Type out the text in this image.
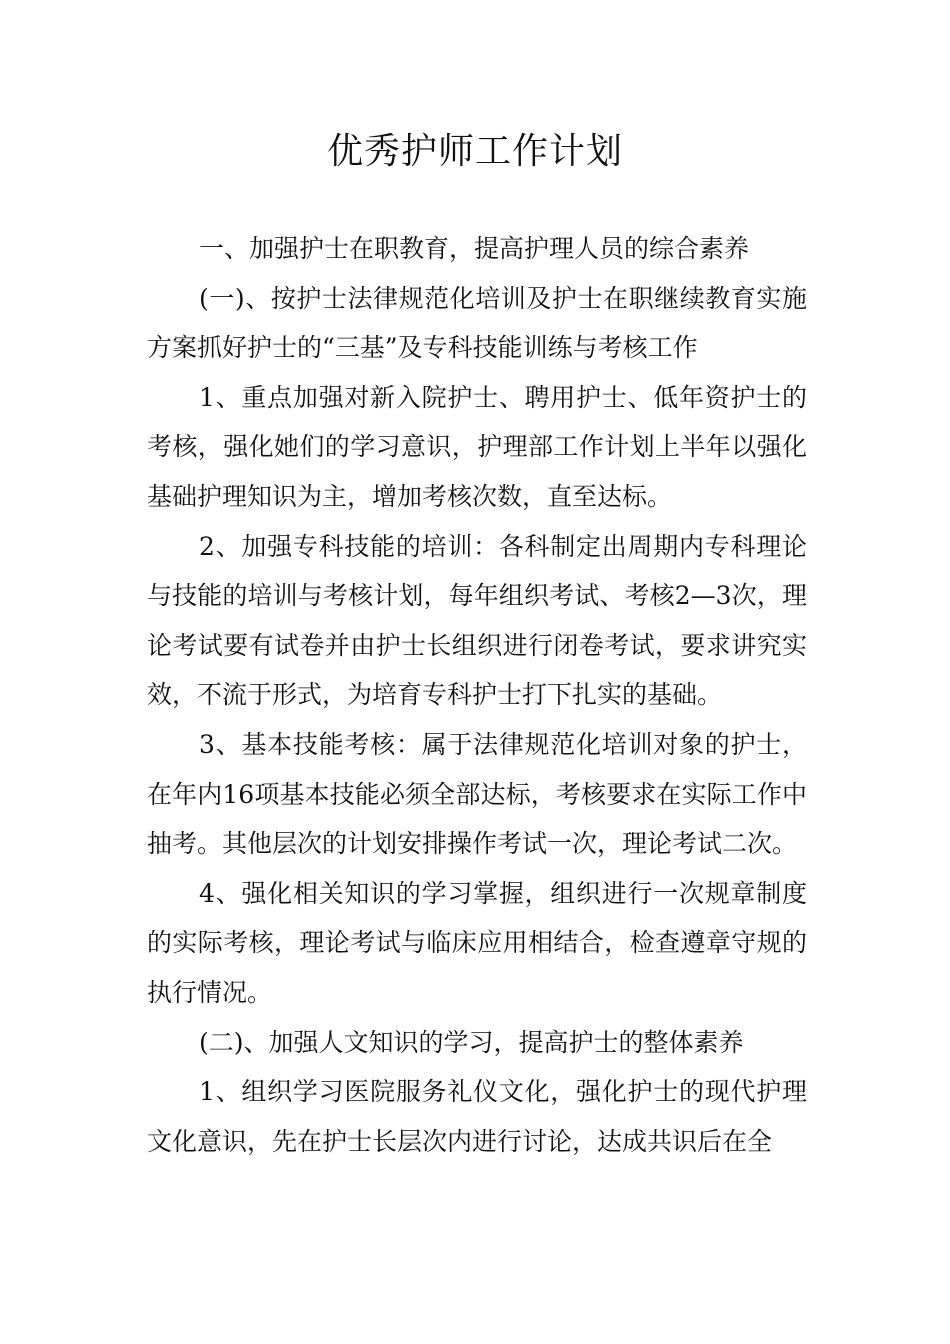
优秀护师工作计划

一、加强护士在职教育，提高护理人员的综合素养

(一)、按护士法律规范化培训及护士在职继续教育实施方案抓好护士的“三基”及专科技能训练与考核工作

1、重点加强对新入院护士、聘用护士、低年资护士的考核，强化她们的学习意识，护理部工作计划上半年以强化基础护理知识为主，增加考核次数，直至达标。

2、加强专科技能的培训：各科制定出周期内专科理论与技能的培训与考核计划，每年组织考试、考核2—3次，理论考试要有试卷并由护士长组织进行闭卷考试，要求讲究实效，不流于形式，为培育专科护士打下扎实的基础。

3、基本技能考核：属于法律规范化培训对象的护士，在年内16项基本技能必须全部达标，考核要求在实际工作中抽考。其他层次的计划安排操作考试一次，理论考试二次。

4、强化相关知识的学习掌握，组织进行一次规章制度的实际考核，理论考试与临床应用相结合，检查遵章守规的执行情况。

(二)、加强人文知识的学习，提高护士的整体素养

1、组织学习医院服务礼仪文化，强化护士的现代护理文化意识，先在护士长层次内进行讨论，达成共识后在全
